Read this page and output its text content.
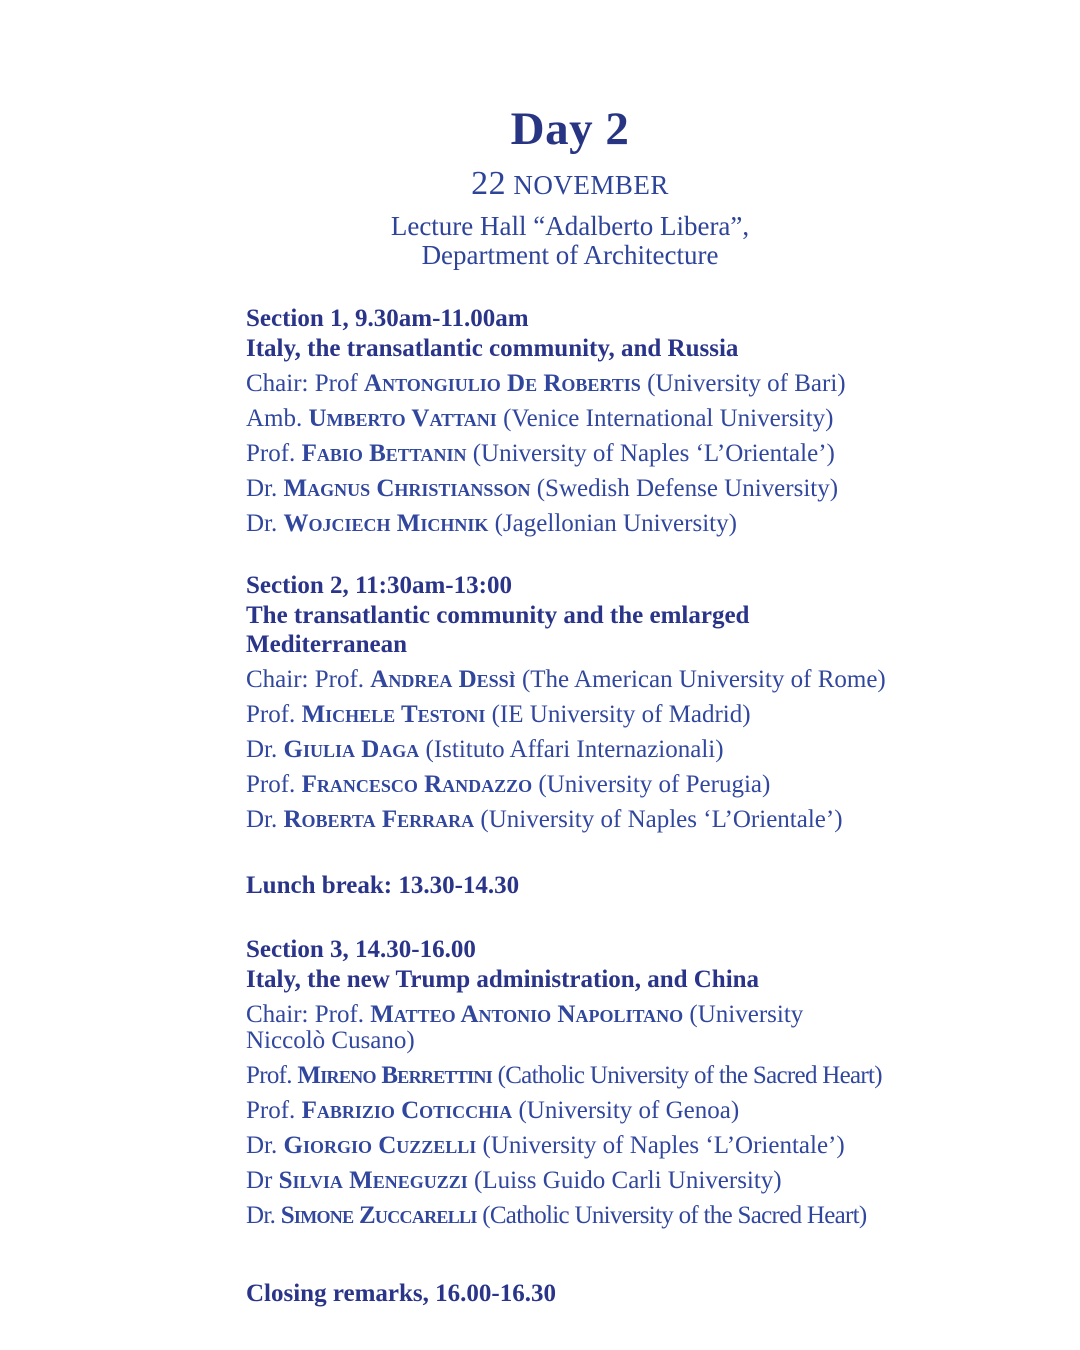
Day 2

22 NOVEMBER

Lecture Hall “Adalberto Libera”,
Department of Architecture

Section 1, 9.30am-11.00am

Italy, the transatlantic community, and Russia

Chair: Prof Antongiulio De Robertis (University of Bari)

Amb. Umberto Vattani (Venice International University)

Prof. Fabio Bettanin (University of Naples ‘L’Orientale’)

Dr. Magnus Christiansson (Swedish Defense University)

Dr. Wojciech Michnik (Jagellonian University)

Section 2, 11:30am-13:00

The transatlantic community and the emlarged Mediterranean

Chair: Prof. Andrea Dessì (The American University of Rome)

Prof. Michele Testoni (IE University of Madrid)

Dr. Giulia Daga (Istituto Affari Internazionali)

Prof. Francesco Randazzo (University of Perugia)

Dr. Roberta Ferrara (University of Naples ‘L’Orientale’)

Lunch break: 13.30-14.30

Section 3, 14.30-16.00

Italy, the new Trump administration, and China

Chair: Prof. Matteo Antonio Napolitano (University Niccolò Cusano)

Prof. Mireno Berrettini (Catholic University of the Sacred Heart)

Prof. Fabrizio Coticchia (University of Genoa)

Dr. Giorgio Cuzzelli (University of Naples ‘L’Orientale’)

Dr Silvia Meneguzzi (Luiss Guido Carli University)

Dr. Simone Zuccarelli (Catholic University of the Sacred Heart)

Closing remarks, 16.00-16.30
